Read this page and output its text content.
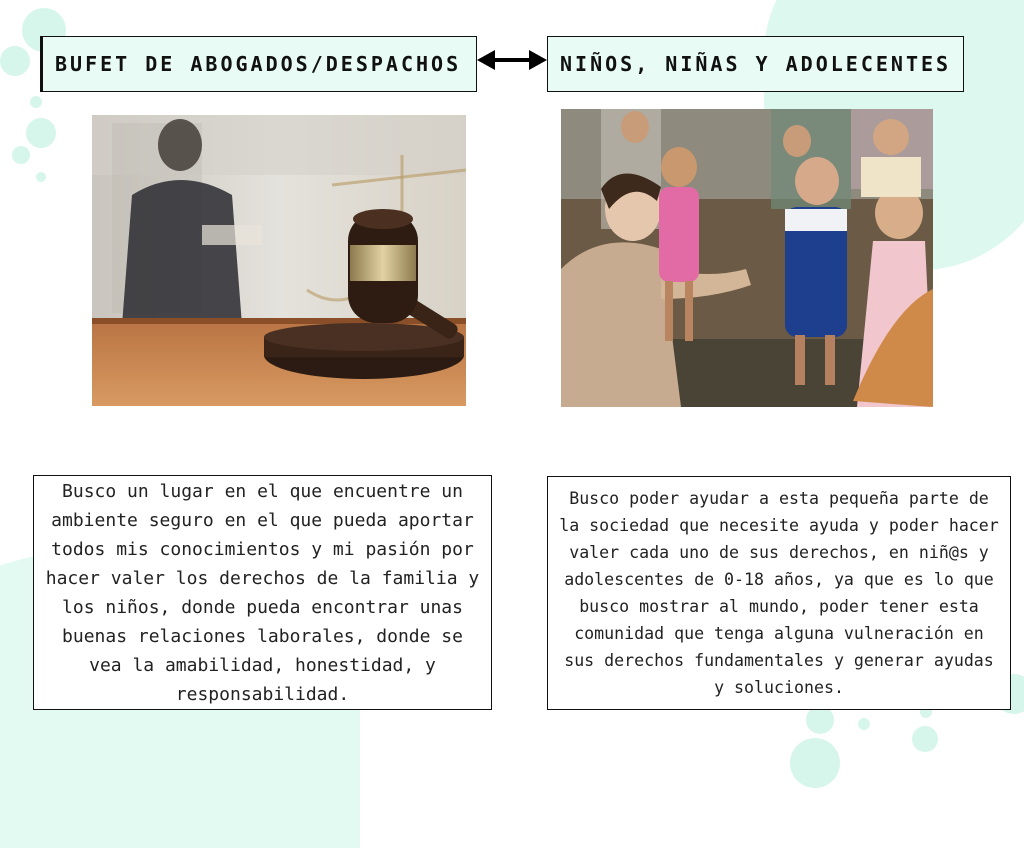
BUFET DE ABOGADOS/DESPACHOS	NIÑOS, NIÑAS Y ADOLECENTES

Busco un lugar en el que encuentre un ambiente seguro en el que pueda aportar todos mis conocimientos y mi pasión por hacer valer los derechos de la familia y los niños, donde pueda encontrar unas buenas relaciones laborales, donde se vea la amabilidad, honestidad, y responsabilidad.

Busco poder ayudar a esta pequeña parte de la sociedad que necesite ayuda y poder hacer valer cada uno de sus derechos, en niñ@s y adolescentes de 0-18 años, ya que es lo que busco mostrar al mundo, poder tener esta comunidad que tenga alguna vulneración en sus derechos fundamentales y generar ayudas y soluciones.
